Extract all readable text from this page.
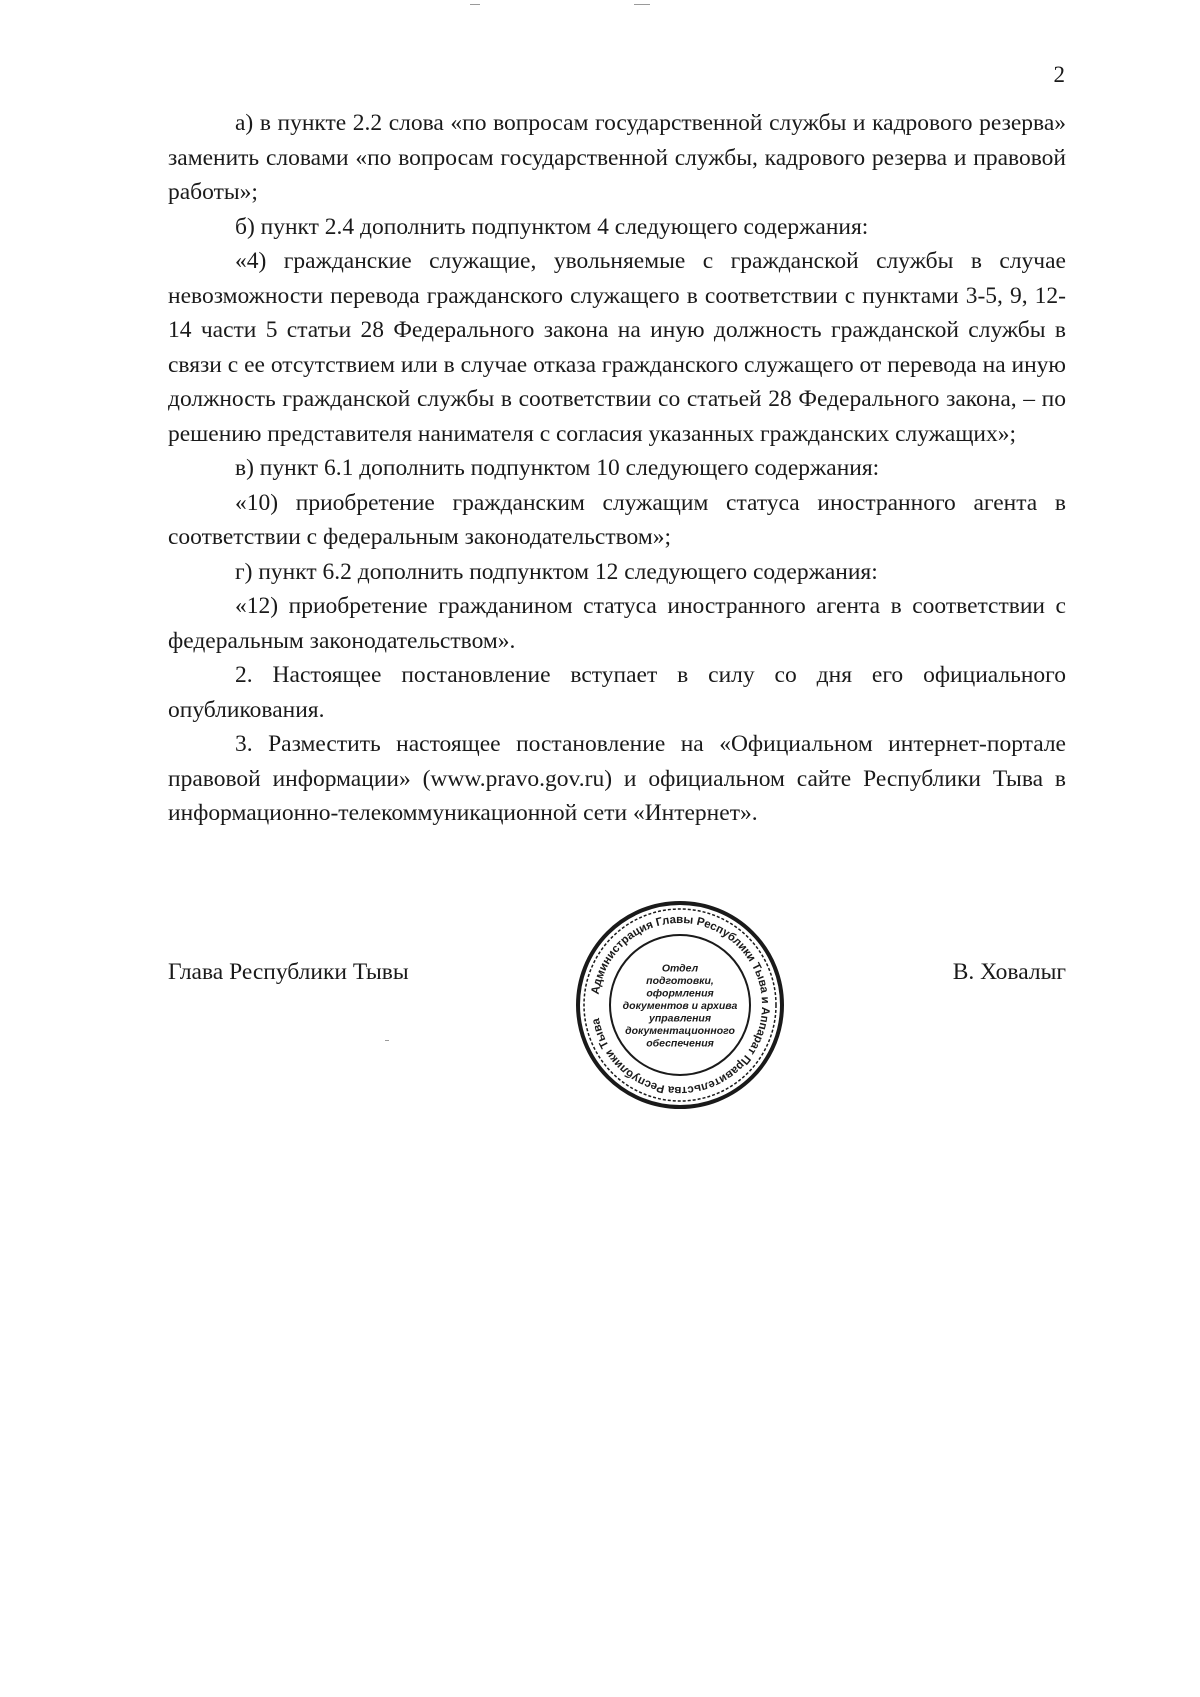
2

а) в пункте 2.2 слова «по вопросам государственной службы и кадрового резерва» заменить словами «по вопросам государственной службы, кадрового резерва и правовой работы»;

б) пункт 2.4 дополнить подпунктом 4 следующего содержания:

«4) гражданские служащие, увольняемые с гражданской службы в случае невозможности перевода гражданского служащего в соответствии с пунктами 3-5, 9, 12-14 части 5 статьи 28 Федерального закона на иную должность гражданской службы в связи с ее отсутствием или в случае отказа гражданского служащего от перевода на иную должность гражданской службы в соответствии со статьей 28 Федерального закона, – по решению представителя нанимателя с согласия указанных гражданских служащих»;

в) пункт 6.1 дополнить подпунктом 10 следующего содержания:

«10) приобретение гражданским служащим статуса иностранного агента в соответствии с федеральным законодательством»;

г) пункт 6.2 дополнить подпунктом 12 следующего содержания:

«12) приобретение гражданином статуса иностранного агента в соответствии с федеральным законодательством».

2. Настоящее постановление вступает в силу со дня его официального опубликования.

3. Разместить настоящее постановление на «Официальном интернет-портале правовой информации» (www.pravo.gov.ru) и официальном сайте Республики Тыва в информационно-телекоммуникационной сети «Интернет».

Глава Республики Тывы	В. Ховалыг
Администрация Главы Республики Тыва и Аппарат Правительства Республики Тыва
Отдел
подготовки,
оформления
документов и архива
управления
документационного
обеспечения
